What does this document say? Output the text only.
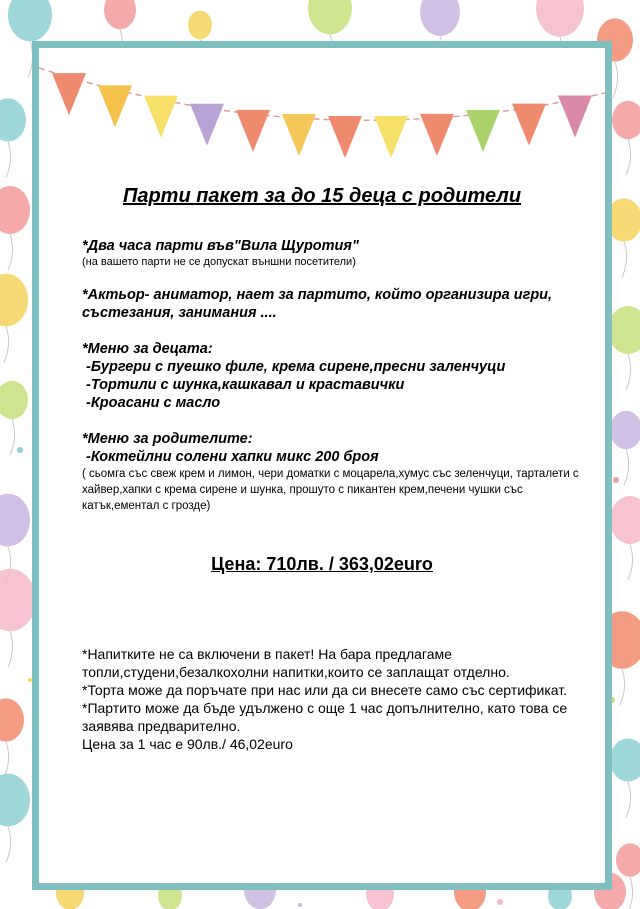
Парти пакет за до 15 деца с родители
*Два часа парти във"Вила Щуротия"
(на вашето парти не се допускат външни посетители)
*Актьор- аниматор, нает за партито, който организира игри, състезания, занимания ....
*Меню за децата:
-Бургери с пуешко филе, крема сирене,пресни заленчуци
-Тортили с шунка,кашкавал и краставички
-Кроасани с масло
*Меню за родителите:
-Коктейлни солени хапки микс 200 броя
( сьомга със свеж крем и лимон, чери доматки с моцарела,хумус със зеленчуци, тарталети с хайвер,хапки с крема сирене и шунка, прошуто с пикантен крем,печени чушки със катък,ементал с грозде)
Цена: 710лв. / 363,02euro
*Напитките не са включени в пакет! На бара предлагаме топли,студени,безалкохолни напитки,които се заплащат отделно.
*Торта може да поръчате при нас или да си внесете само със сертификат.
*Партито може да бъде удължено с още 1 час допълнително, като това се заявява предварително.
Цена за 1 час е 90лв./ 46,02euro
